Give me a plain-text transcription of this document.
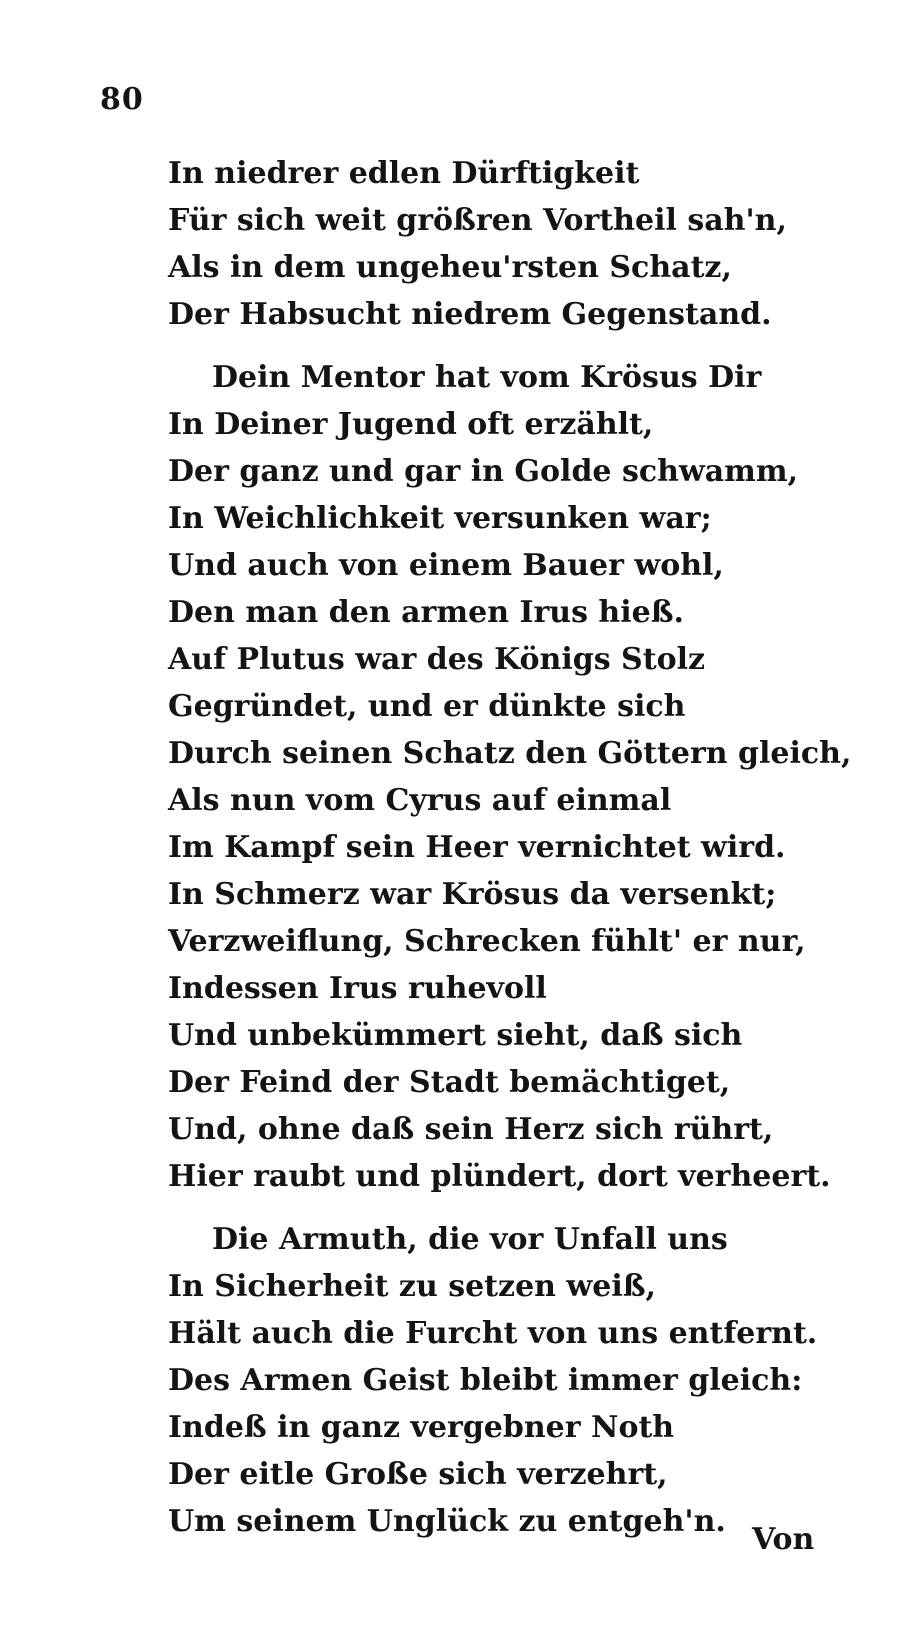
80
In niedrer edlen Dürftigkeit
Für sich weit größren Vortheil sah'n,
Als in dem ungeheu'rsten Schatz,
Der Habsucht niedrem Gegenstand.
Dein Mentor hat vom Krösus Dir
In Deiner Jugend oft erzählt,
Der ganz und gar in Golde schwamm,
In Weichlichkeit versunken war;
Und auch von einem Bauer wohl,
Den man den armen Irus hieß.
Auf Plutus war des Königs Stolz
Gegründet, und er dünkte sich
Durch seinen Schatz den Göttern gleich,
Als nun vom Cyrus auf einmal
Im Kampf sein Heer vernichtet wird.
In Schmerz war Krösus da versenkt;
Verzweiflung, Schrecken fühlt' er nur,
Indessen Irus ruhevoll
Und unbekümmert sieht, daß sich
Der Feind der Stadt bemächtiget,
Und, ohne daß sein Herz sich rührt,
Hier raubt und plündert, dort verheert.
Die Armuth, die vor Unfall uns
In Sicherheit zu setzen weiß,
Hält auch die Furcht von uns entfernt.
Des Armen Geist bleibt immer gleich:
Indeß in ganz vergebner Noth
Der eitle Große sich verzehrt,
Um seinem Unglück zu entgeh'n.
Von
